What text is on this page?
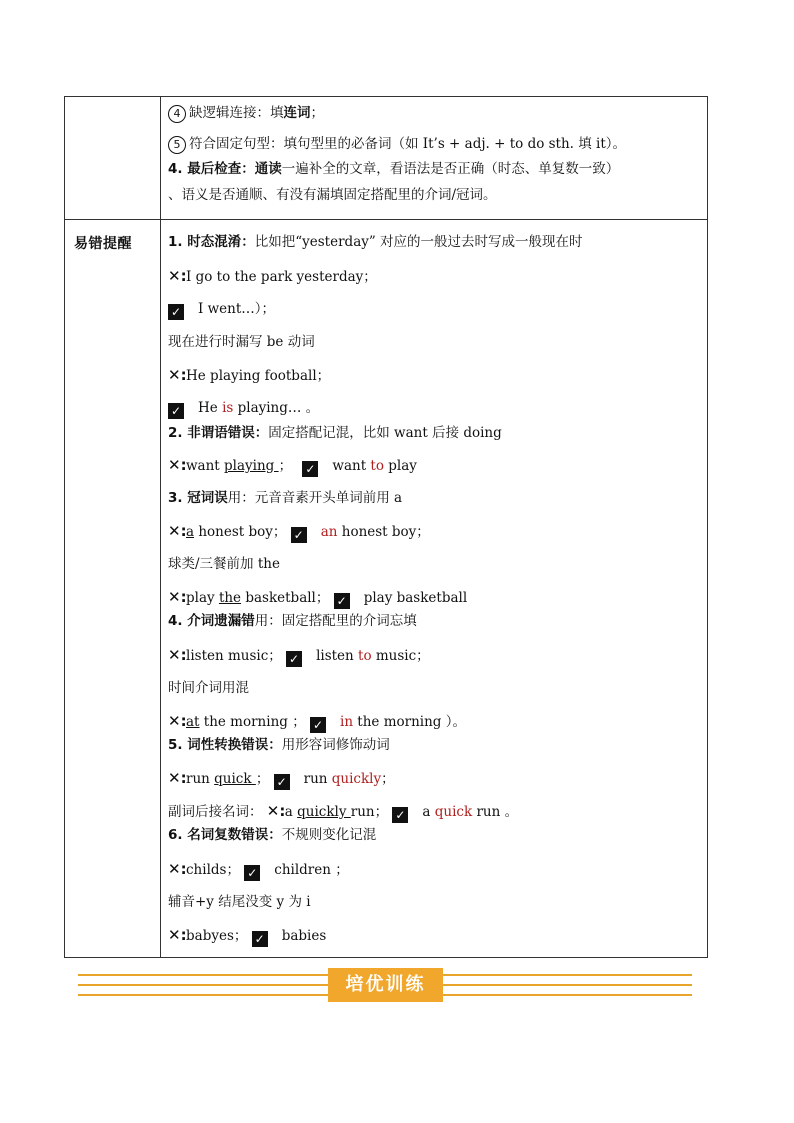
易错提醒
4 缺逻辑连接：填连词；
5 符合固定句型：填句型里的必备词（如 It’s + adj. + to do sth. 填 it）。
4. 最后检查：通读一遍补全的文章，看语法是否正确（时态、单复数一致）
、语义是否通顺、有没有漏填固定搭配里的介词/冠词。
1. 时态混淆：比如把“yesterday” 对应的一般过去时写成一般现在时
✕:I go to the park yesterday；
✓ I went…）；
现在进行时漏写 be 动词
✕:He playing football；
✓ He is playing… 。
2. 非谓语错误：固定搭配记混，比如 want 后接 doing
✕:want playing ； ✓ want to play
3. 冠词误用：元音音素开头单词前用 a
✕:a honest boy； ✓ an honest boy；
球类/三餐前加 the
✕:play the basketball； ✓ play basketball
4. 介词遗漏错用：固定搭配里的介词忘填
✕:listen music； ✓ listen to music；
时间介词用混
✕:at the morning ； ✓ in the morning ）。
5. 词性转换错误：用形容词修饰动词
✕:run quick ； ✓ run quickly；
副词后接名词： ✕:a quickly run； ✓ a quick run 。
6. 名词复数错误：不规则变化记混
✕:childs； ✓ children ；
辅音+y 结尾没变 y 为 i
✕:babyes； ✓ babies
培优训练
